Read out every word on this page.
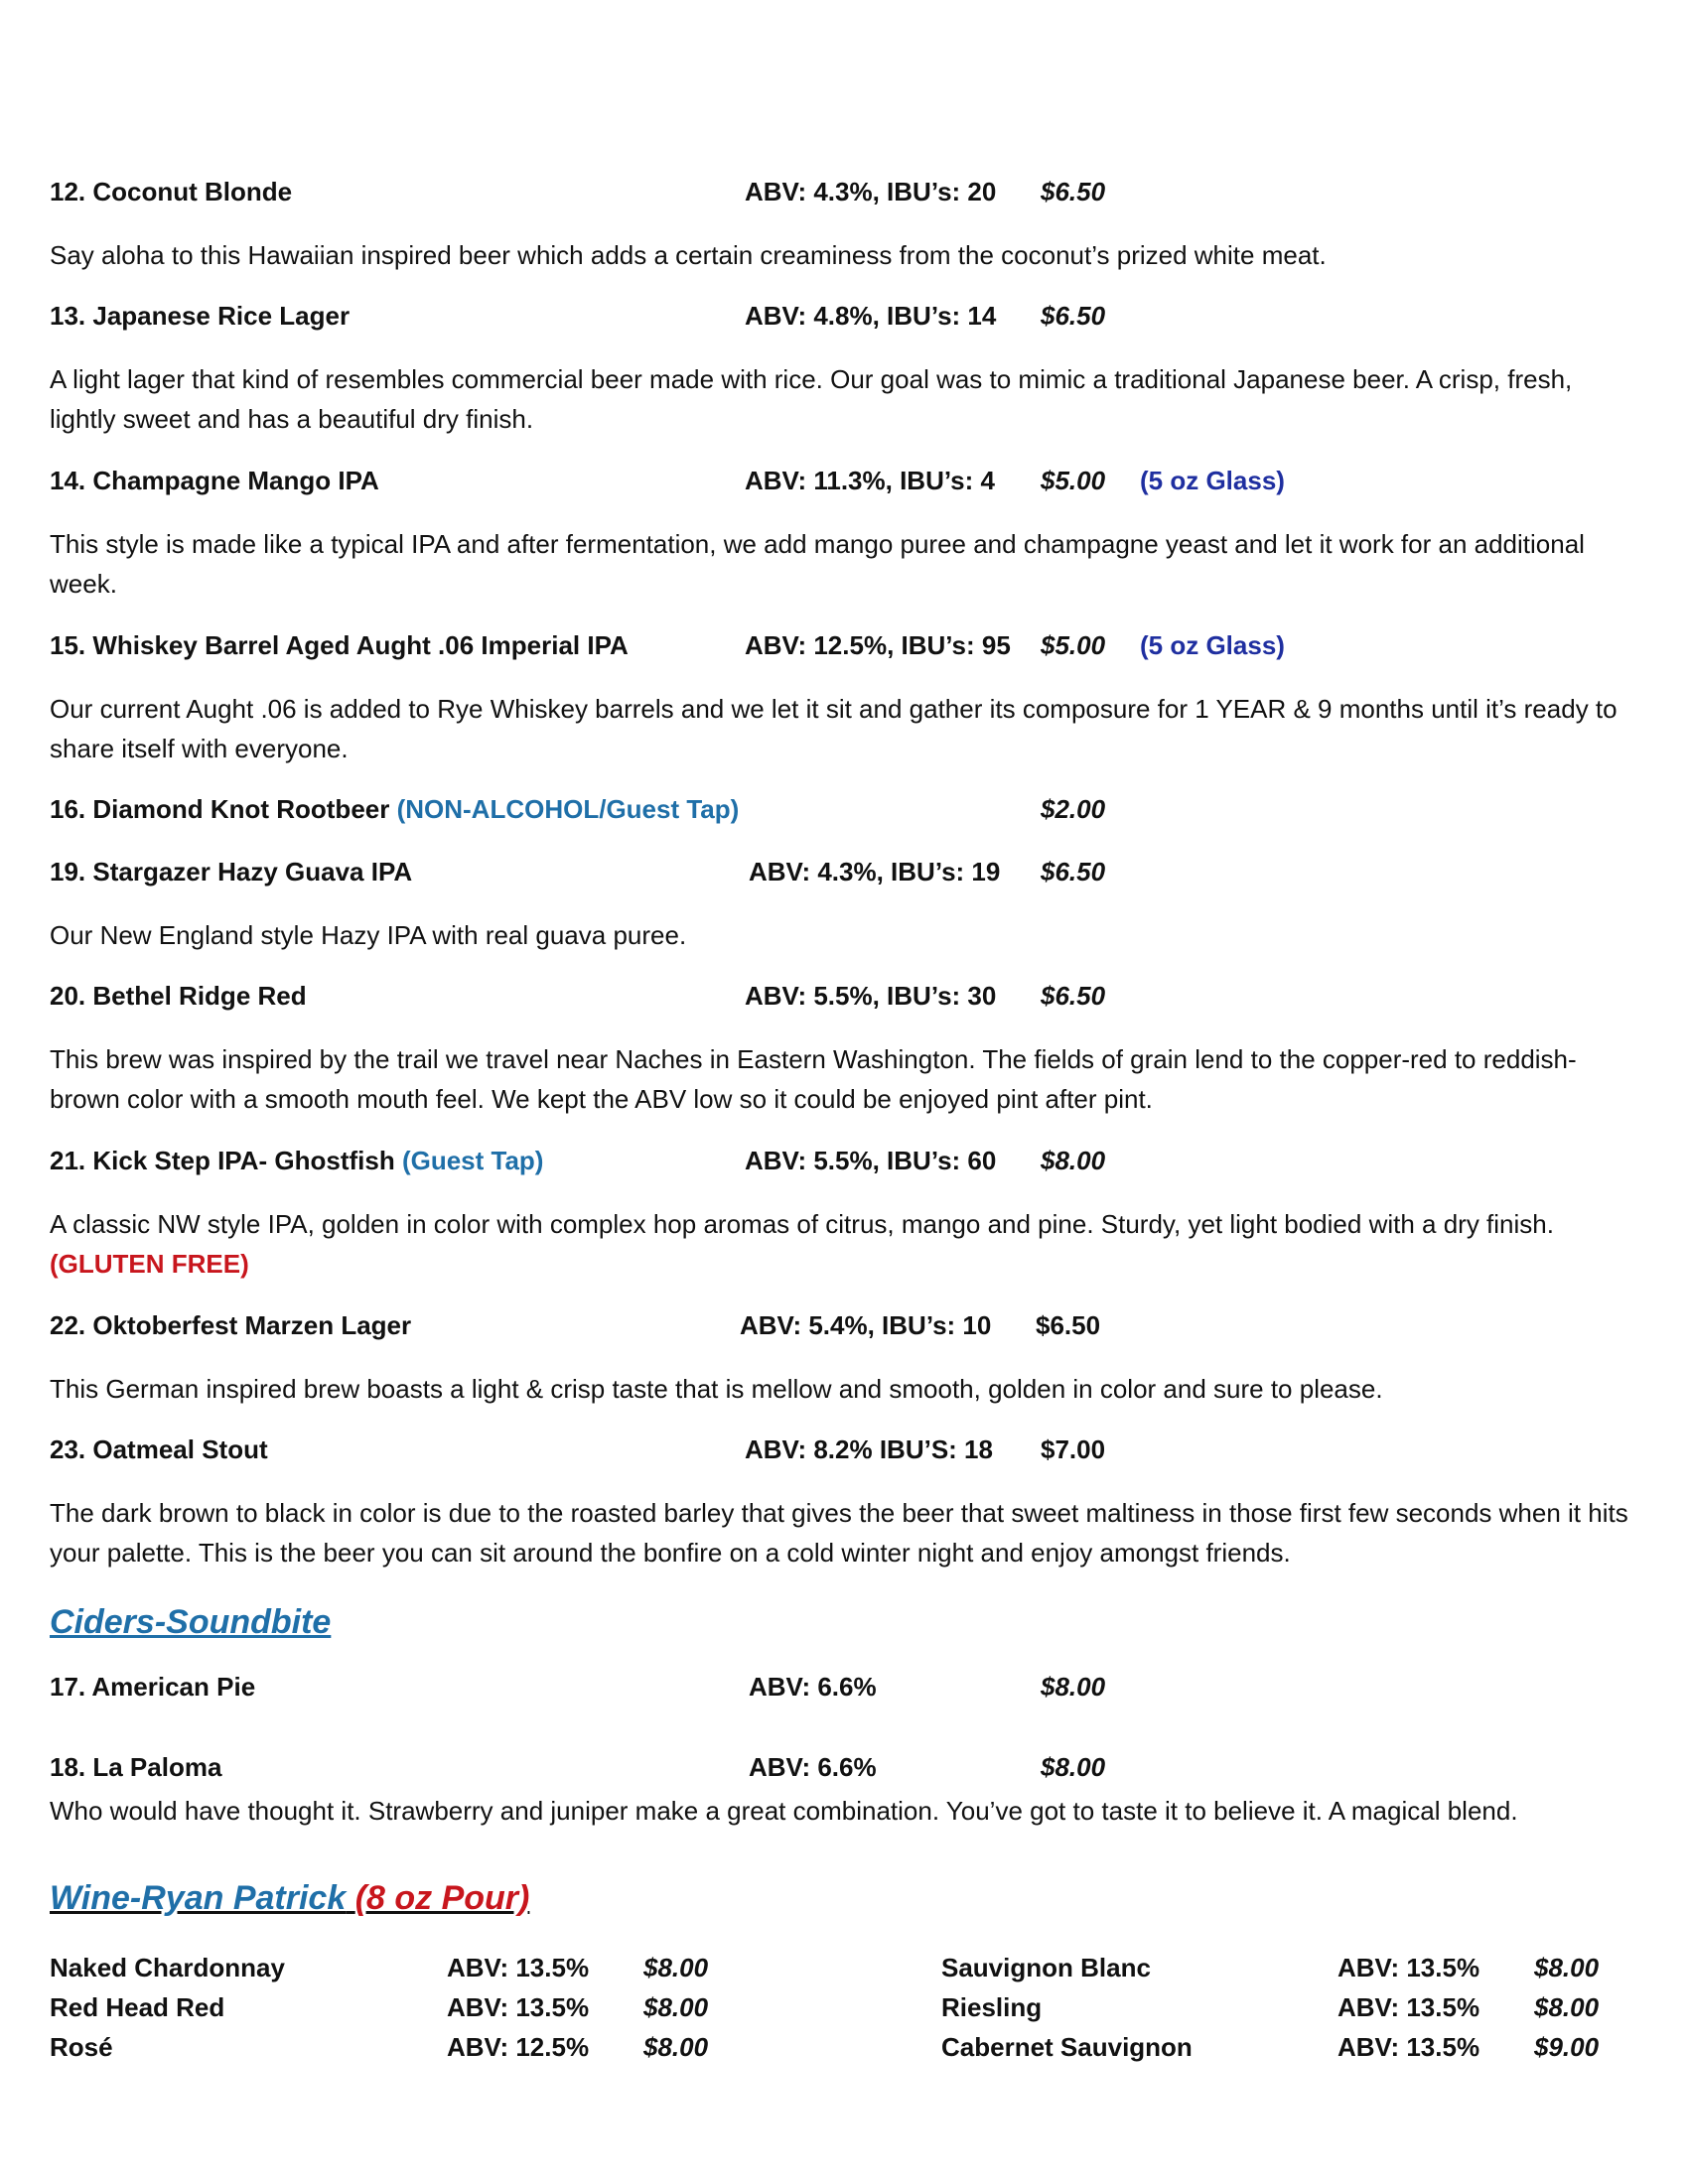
12. Coconut Blonde	ABV: 4.3%, IBU’s: 20 $6.50
Say aloha to this Hawaiian inspired beer which adds a certain creaminess from the coconut’s prized white meat.
13. Japanese Rice Lager	ABV: 4.8%, IBU’s: 14 $6.50
A light lager that kind of resembles commercial beer made with rice. Our goal was to mimic a traditional Japanese beer. A crisp, fresh, lightly sweet and has a beautiful dry finish.
14. Champagne Mango IPA	ABV: 11.3%, IBU’s: 4 $5.00 (5 oz Glass)
This style is made like a typical IPA and after fermentation, we add mango puree and champagne yeast and let it work for an additional week.
15. Whiskey Barrel Aged Aught .06 Imperial IPA	ABV: 12.5%, IBU’s: 95 $5.00 (5 oz Glass)
Our current Aught .06 is added to Rye Whiskey barrels and we let it sit and gather its composure for 1 YEAR & 9 months until it’s ready to share itself with everyone.
16. Diamond Knot Rootbeer (NON-ALCOHOL/Guest Tap)	$2.00
19. Stargazer Hazy Guava IPA	ABV: 4.3%, IBU’s: 19 $6.50
Our New England style Hazy IPA with real guava puree.
20. Bethel Ridge Red	ABV: 5.5%, IBU’s: 30 $6.50
This brew was inspired by the trail we travel near Naches in Eastern Washington. The fields of grain lend to the copper-red to reddish-brown color with a smooth mouth feel. We kept the ABV low so it could be enjoyed pint after pint.
21. Kick Step IPA- Ghostfish (Guest Tap)	ABV: 5.5%, IBU’s: 60 $8.00
A classic NW style IPA, golden in color with complex hop aromas of citrus, mango and pine. Sturdy, yet light bodied with a dry finish. (GLUTEN FREE)
22. Oktoberfest Marzen Lager	ABV: 5.4%, IBU’s: 10 $6.50
This German inspired brew boasts a light & crisp taste that is mellow and smooth, golden in color and sure to please.
23. Oatmeal Stout	ABV: 8.2% IBU’S: 18 $7.00
The dark brown to black in color is due to the roasted barley that gives the beer that sweet maltiness in those first few seconds when it hits your palette. This is the beer you can sit around the bonfire on a cold winter night and enjoy amongst friends.
Ciders-Soundbite
17. American Pie	ABV: 6.6%	$8.00
18. La Paloma	ABV: 6.6%	$8.00
Who would have thought it. Strawberry and juniper make a great combination. You’ve got to taste it to believe it. A magical blend.
Wine-Ryan Patrick (8 oz Pour)
Naked Chardonnay	ABV: 13.5% $8.00
Red Head Red	ABV: 13.5% $8.00
Rosé	ABV: 12.5% $8.00
Sauvignon Blanc	ABV: 13.5% $8.00
Riesling	ABV: 13.5% $8.00
Cabernet Sauvignon	ABV: 13.5% $9.00
